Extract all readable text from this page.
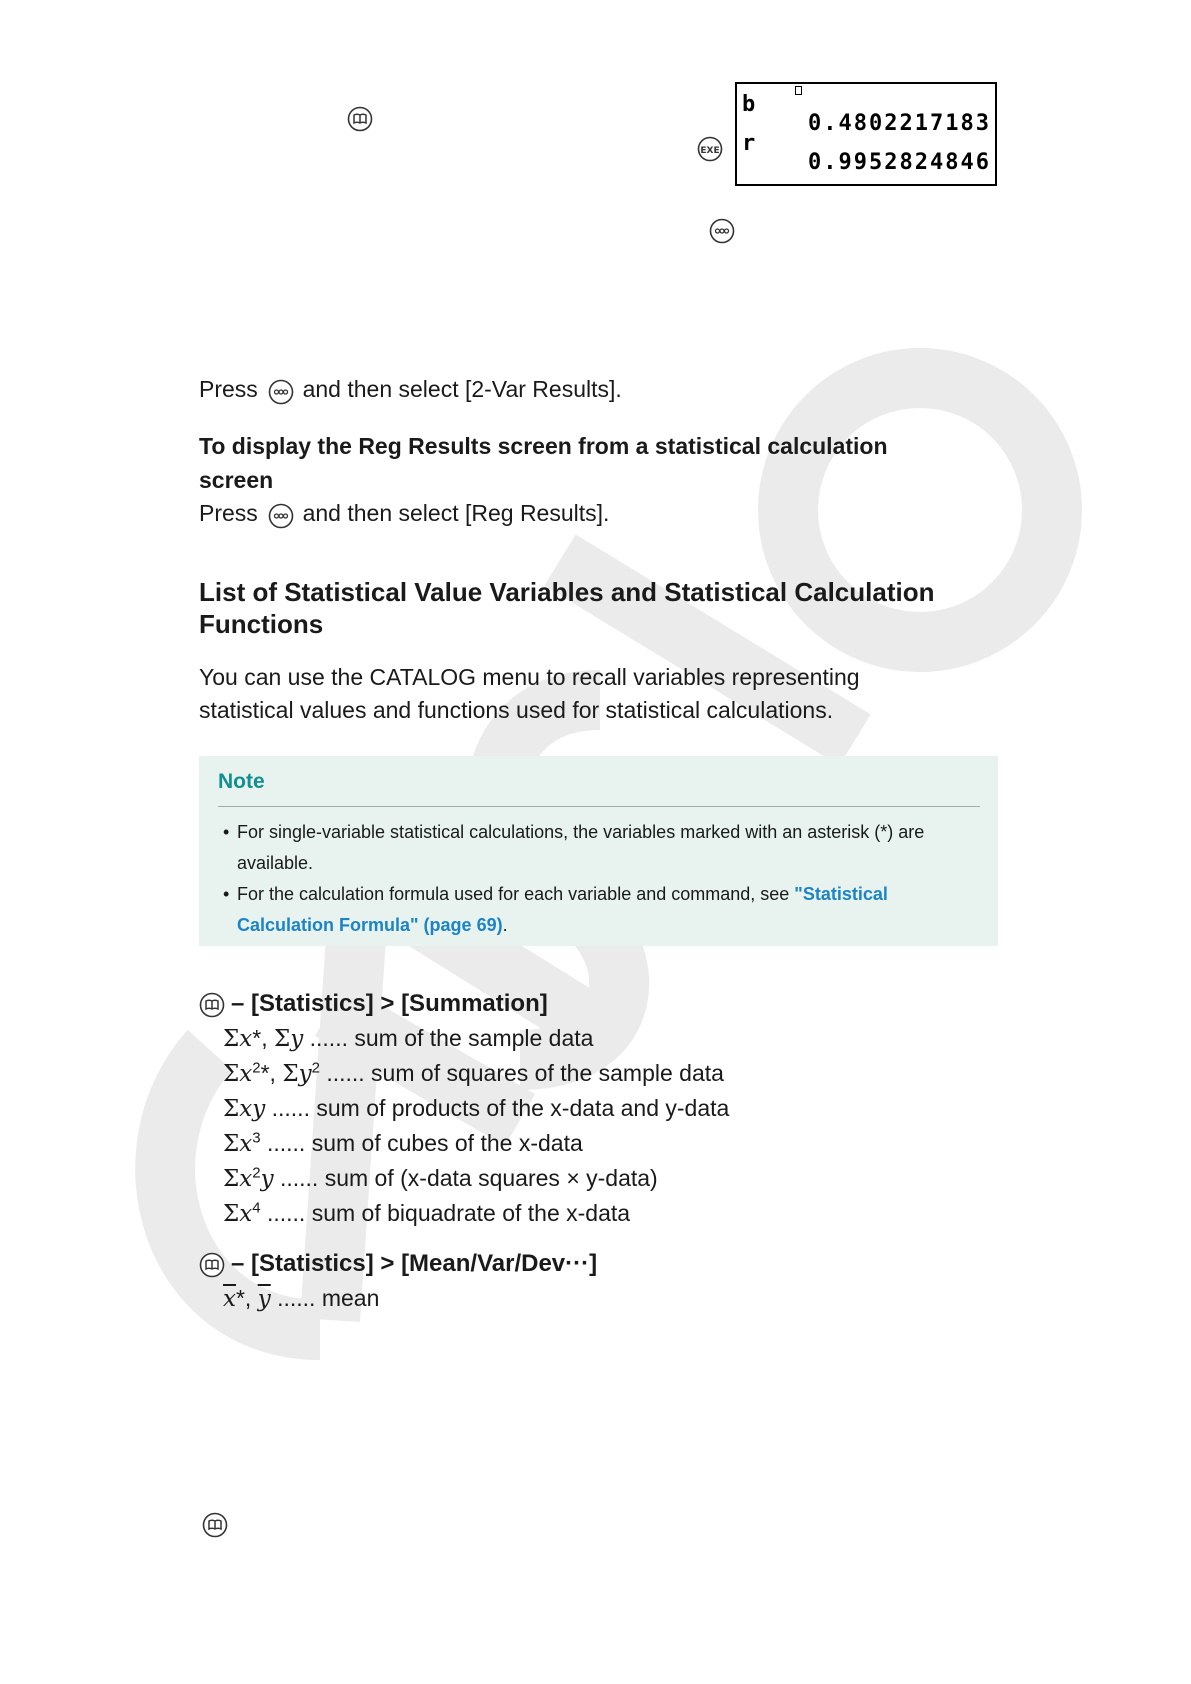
EXE
b
0.4802217183
r
0.9952824846

Press and then select [2-Var Results].

To display the Reg Results screen from a statistical calculation screen

Press and then select [Reg Results].

List of Statistical Value Variables and Statistical Calculation Functions

You can use the CATALOG menu to recall variables representing statistical values and functions used for statistical calculations.

Note
• For single-variable statistical calculations, the variables marked with an asterisk (*) are available.
• For the calculation formula used for each variable and command, see "Statistical Calculation Formula" (page 69).
– [Statistics] > [Summation]
Σx*, Σy ...... sum of the sample data
$\Sigma x^2*$, $\Sigma y^2$ ...... sum of squares of the sample data
Σxy ...... sum of products of the x-data and y-data
$\Sigma x^3$ ...... sum of cubes of the x-data
$\Sigma x^2y$ ...... sum of (x-data squares × y-data)
$\Sigma x^4$ ...... sum of biquadrate of the x-data
– [Statistics] > [Mean/Var/Dev···]
$\overline{x}*$, $\overline{y}$ ...... mean
